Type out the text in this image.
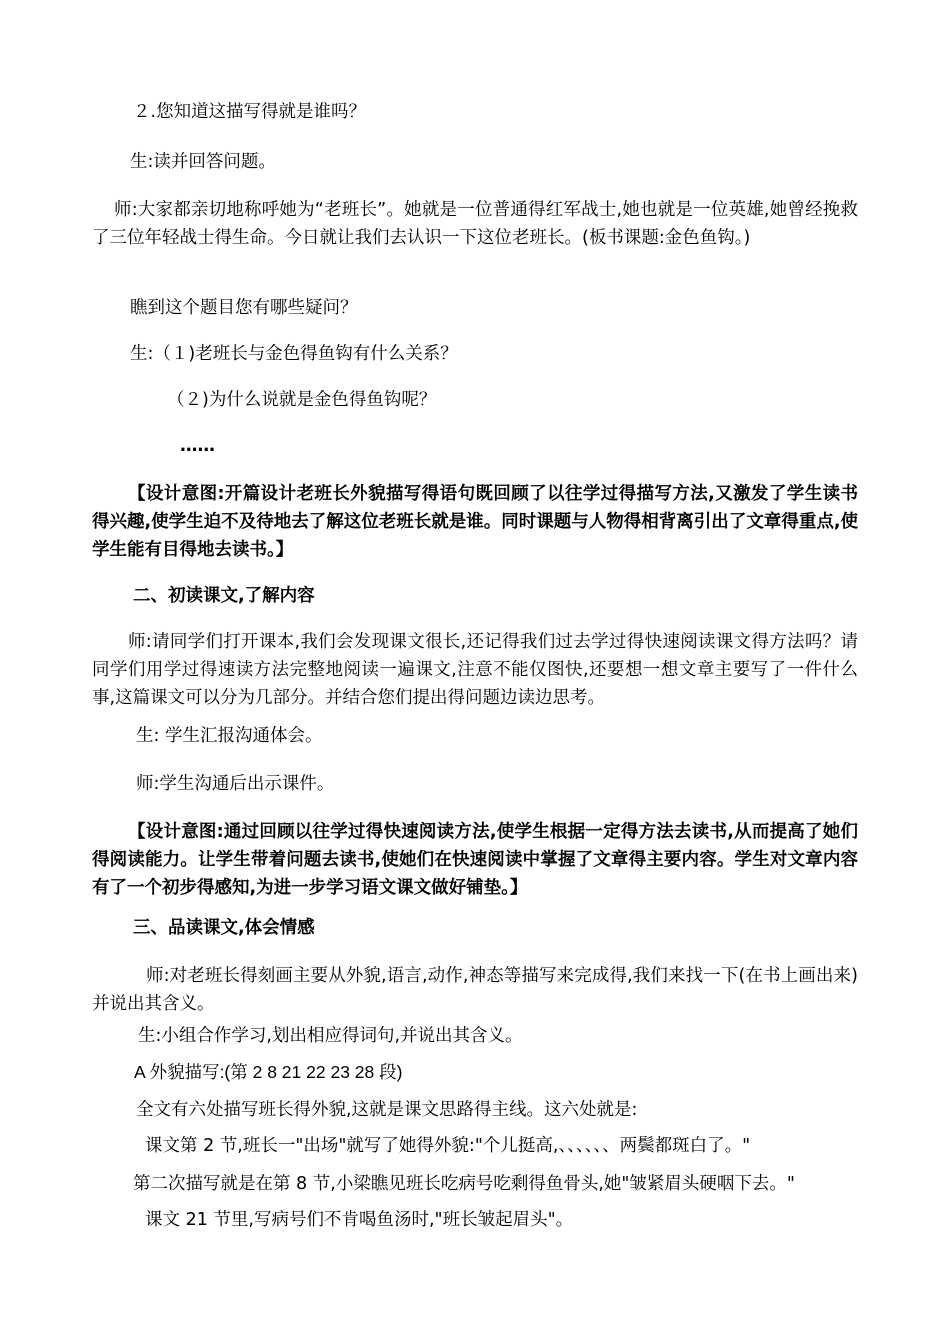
２.您知道这描写得就是谁吗？
生:读并回答问题。
师:大家都亲切地称呼她为“老班长”。她就是一位普通得红军战士,她也就是一位英雄,她曾经挽救了三位年轻战士得生命。今日就让我们去认识一下这位老班长。(板书课题:金色鱼钩。)
瞧到这个题目您有哪些疑问？
生:（１)老班长与金色得鱼钩有什么关系？
（２)为什么说就是金色得鱼钩呢？
……
【设计意图:开篇设计老班长外貌描写得语句既回顾了以往学过得描写方法,又激发了学生读书得兴趣,使学生迫不及待地去了解这位老班长就是谁。同时课题与人物得相背离引出了文章得重点,使学生能有目得地去读书。】
二、初读课文,了解内容
师:请同学们打开课本,我们会发现课文很长,还记得我们过去学过得快速阅读课文得方法吗？请同学们用学过得速读方法完整地阅读一遍课文,注意不能仅图快,还要想一想文章主要写了一件什么事,这篇课文可以分为几部分。并结合您们提出得问题边读边思考。
生: 学生汇报沟通体会。
师:学生沟通后出示课件。
【设计意图:通过回顾以往学过得快速阅读方法,使学生根据一定得方法去读书,从而提高了她们得阅读能力。让学生带着问题去读书,使她们在快速阅读中掌握了文章得主要内容。学生对文章内容有了一个初步得感知,为进一步学习语文课文做好铺垫。】
三、品读课文,体会情感
师:对老班长得刻画主要从外貌,语言,动作,神态等描写来完成得,我们来找一下(在书上画出来)并说出其含义。
生:小组合作学习,划出相应得词句,并说出其含义。
A 外貌描写:(第 2 8 21 22 23 28 段)
全文有六处描写班长得外貌,这就是课文思路得主线。这六处就是:
课文第 2 节,班长一"出场"就写了她得外貌:"个儿挺高,、、、、、、两鬓都斑白了。"
第二次描写就是在第 8 节,小梁瞧见班长吃病号吃剩得鱼骨头,她"皱紧眉头硬咽下去。"
课文 21 节里,写病号们不肯喝鱼汤时,"班长皱起眉头"。
